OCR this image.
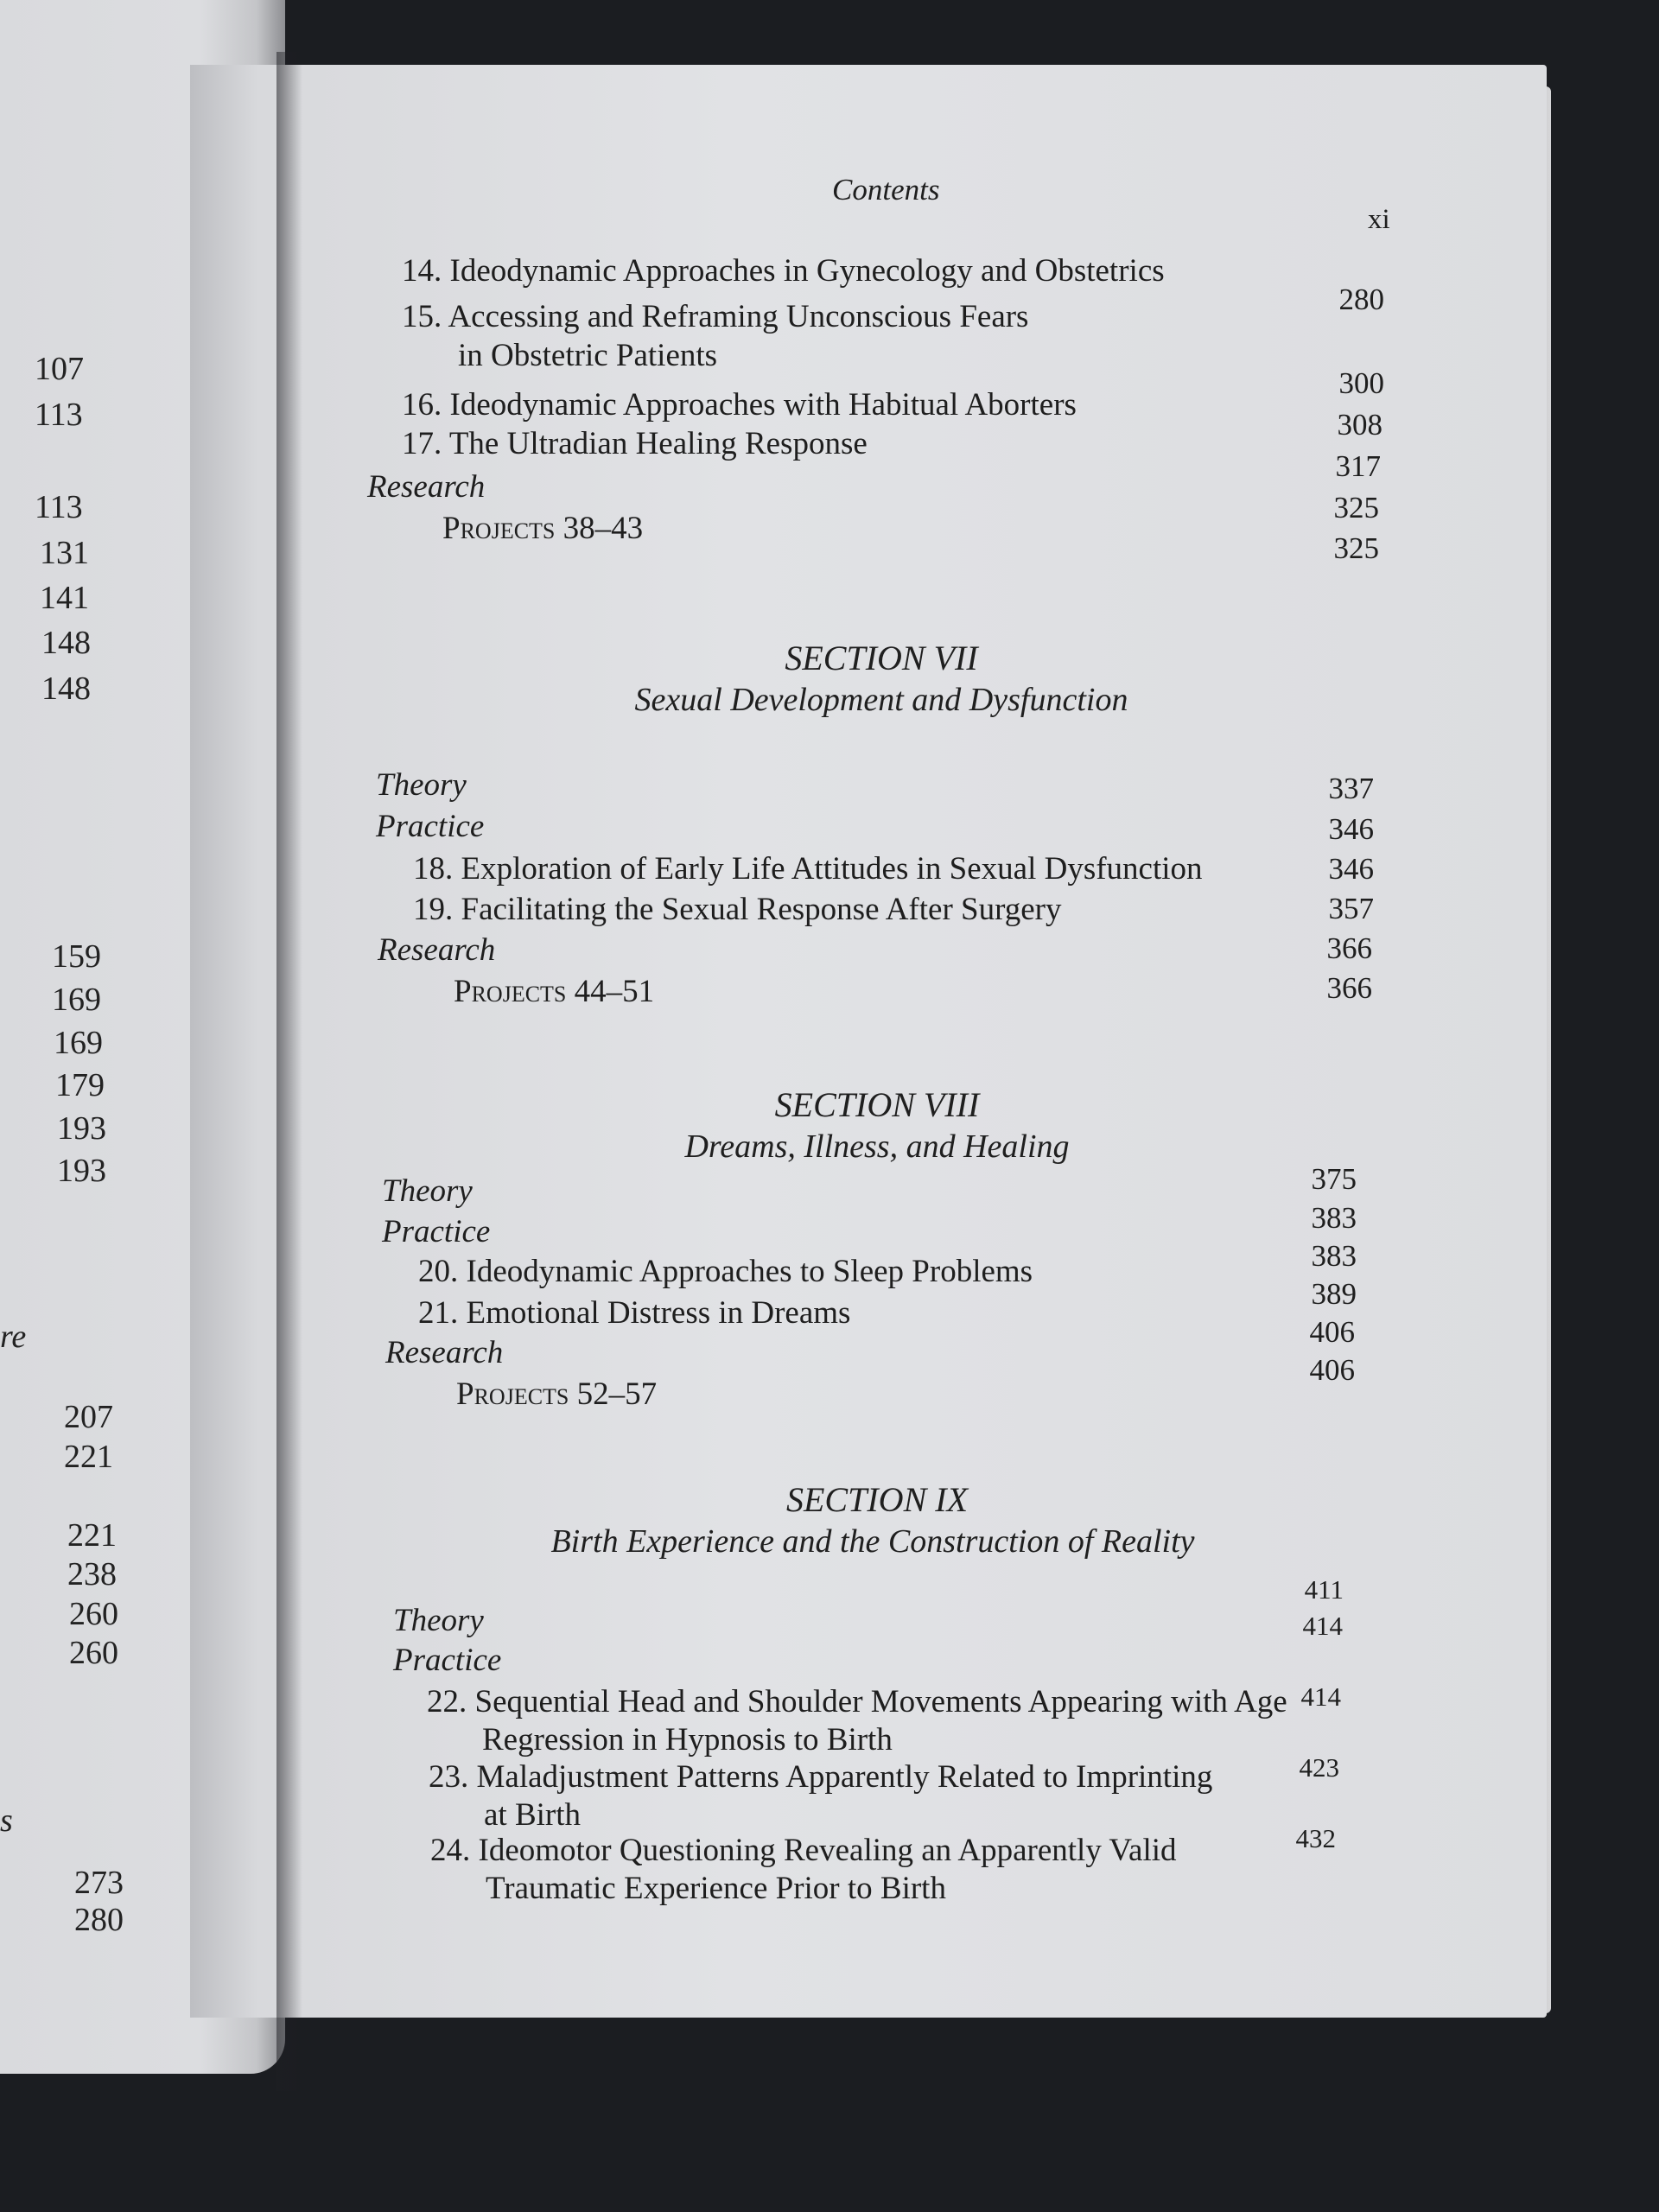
107
113
113
131
141
148
148
159
169
169
179
193
193
re
207
221
221
238
260
260
s
273
280
Contents
xi
14. Ideodynamic Approaches in Gynecology and Obstetrics
15. Accessing and Reframing Unconscious Fears
in Obstetric Patients
16. Ideodynamic Approaches with Habitual Aborters
17. The Ultradian Healing Response
Research
Projects 38–43
280
300
308
317
325
325
SECTION VII
Sexual Development and Dysfunction
Theory
Practice
18. Exploration of Early Life Attitudes in Sexual Dysfunction
19. Facilitating the Sexual Response After Surgery
Research
Projects 44–51
337
346
346
357
366
366
SECTION VIII
Dreams, Illness, and Healing
Theory
Practice
20. Ideodynamic Approaches to Sleep Problems
21. Emotional Distress in Dreams
Research
Projects 52–57
375
383
383
389
406
406
SECTION IX
Birth Experience and the Construction of Reality
Theory
Practice
22. Sequential Head and Shoulder Movements Appearing with Age
Regression in Hypnosis to Birth
23. Maladjustment Patterns Apparently Related to Imprinting
at Birth
24. Ideomotor Questioning Revealing an Apparently Valid
Traumatic Experience Prior to Birth
411
414
414
423
432
